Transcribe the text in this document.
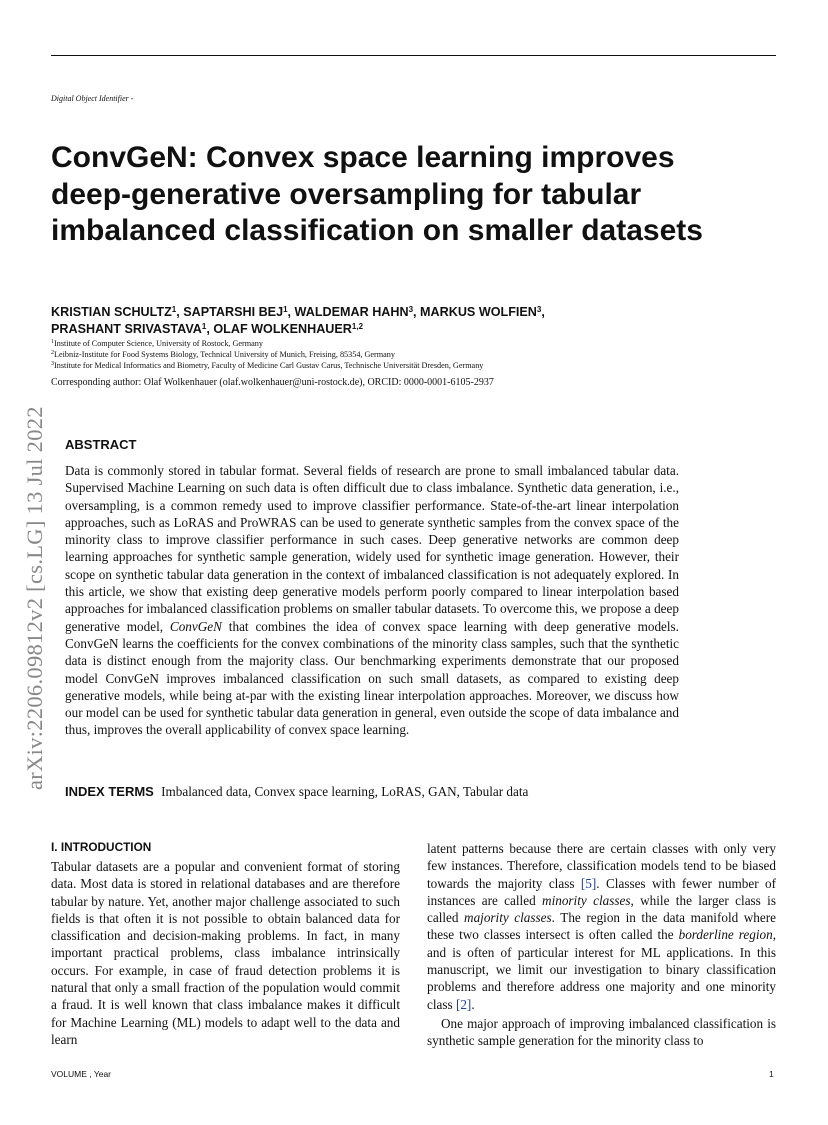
Digital Object Identifier -
ConvGeN: Convex space learning improves deep-generative oversampling for tabular imbalanced classification on smaller datasets

KRISTIAN SCHULTZ$^1$, SAPTARSHI BEJ$^1$, WALDEMAR HAHN$^3$, MARKUS WOLFIEN$^3$,
PRASHANT SRIVASTAVA$^1$, OLAF WOLKENHAUER$^{1,2}$

$^1$Institute of Computer Science, University of Rostock, Germany
$^2$Leibniz-Institute for Food Systems Biology, Technical University of Munich, Freising, 85354, Germany
$^3$Institute for Medical Informatics and Biometry, Faculty of Medicine Carl Gustav Carus, Technische Universität Dresden, Germany
Corresponding author: Olaf Wolkenhauer (olaf.wolkenhauer@uni-rostock.de), ORCID: 0000-0001-6105-2937
arXiv:2206.09812v2 [cs.LG] 13 Jul 2022 ABSTRACT

Data is commonly stored in tabular format. Several fields of research are prone to small imbalanced tabular data. Supervised Machine Learning on such data is often difficult due to class imbalance. Synthetic data generation, i.e., oversampling, is a common remedy used to improve classifier performance. State-of-the-art linear interpolation approaches, such as LoRAS and ProWRAS can be used to generate synthetic samples from the convex space of the minority class to improve classifier performance in such cases. Deep generative networks are common deep learning approaches for synthetic sample generation, widely used for synthetic image generation. However, their scope on synthetic tabular data generation in the context of imbalanced classification is not adequately explored. In this article, we show that existing deep generative models perform poorly compared to linear interpolation based approaches for imbalanced classification problems on smaller tabular datasets. To overcome this, we propose a deep generative model, ConvGeN that combines the idea of convex space learning with deep generative models. ConvGeN learns the coefficients for the convex combinations of the minority class samples, such that the synthetic data is distinct enough from the majority class. Our benchmarking experiments demonstrate that our proposed model ConvGeN improves imbalanced classification on such small datasets, as compared to existing deep generative models, while being at-par with the existing linear interpolation approaches. Moreover, we discuss how our model can be used for synthetic tabular data generation in general, even outside the scope of data imbalance and thus, improves the overall applicability of convex space learning.

INDEX TERMS Imbalanced data, Convex space learning, LoRAS, GAN, Tabular data
I. INTRODUCTION

Tabular datasets are a popular and convenient format of storing data. Most data is stored in relational databases and are therefore tabular by nature. Yet, another major challenge associated to such fields is that often it is not possible to obtain balanced data for classification and decision-making problems. In fact, in many important practical problems, class imbalance intrinsically occurs. For example, in case of fraud detection problems it is natural that only a small fraction of the population would commit a fraud. It is well known that class imbalance makes it difficult for Machine Learning (ML) models to adapt well to the data and learn

latent patterns because there are certain classes with only very few instances. Therefore, classification models tend to be biased towards the majority class [5]. Classes with fewer number of instances are called minority classes, while the larger class is called majority classes. The region in the data manifold where these two classes intersect is often called the borderline region, and is often of particular interest for ML applications. In this manuscript, we limit our investigation to binary classification problems and therefore address one majority and one minority class [2].

One major approach of improving imbalanced classification is synthetic sample generation for the minority class to

VOLUME , Year	1
